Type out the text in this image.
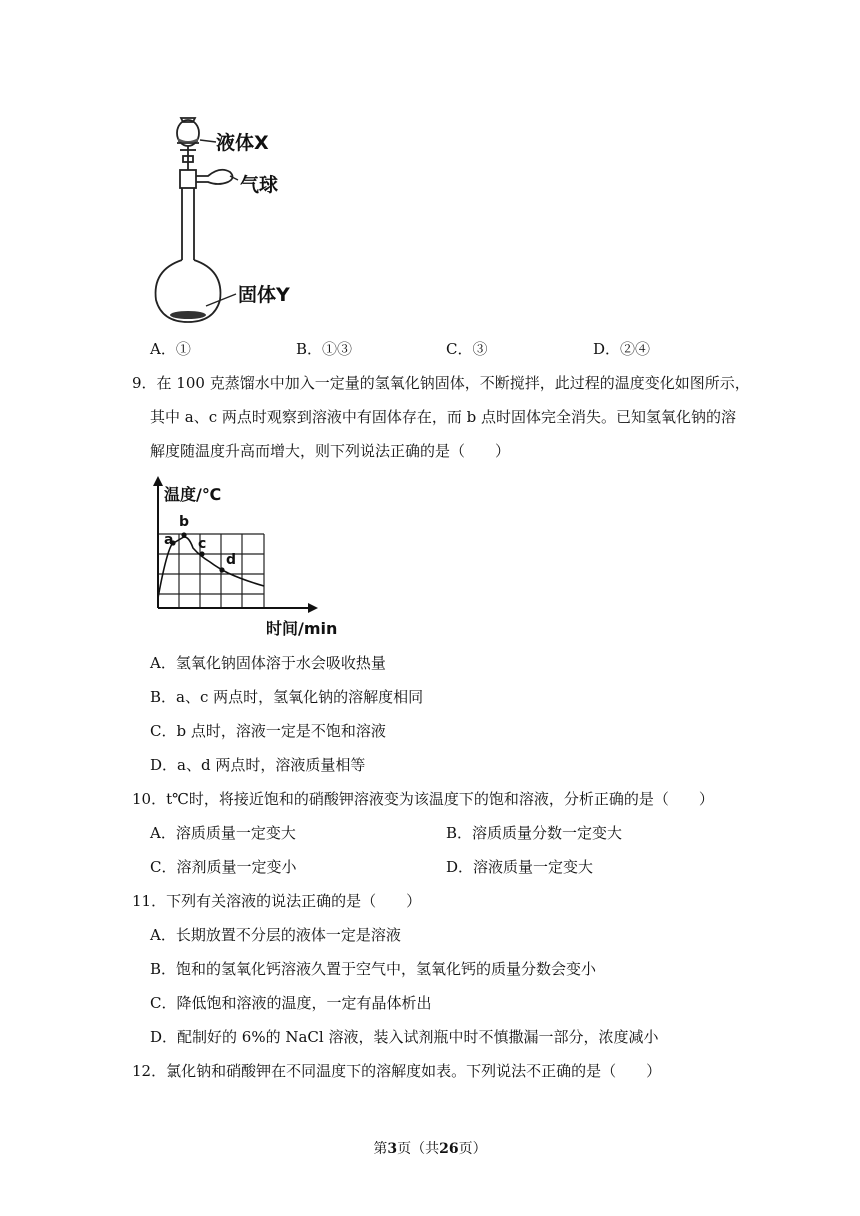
液体X
气球
固体Y
A．①	B．①③	C．③	D．②④
9．在 100 克蒸馏水中加入一定量的氢氧化钠固体，不断搅拌，此过程的温度变化如图所示，
其中 a、c 两点时观察到溶液中有固体存在，而 b 点时固体完全消失。已知氢氧化钠的溶
解度随温度升高而增大，则下列说法正确的是（　　）
温度/℃
时间/min
a
b
c
d
A．氢氧化钠固体溶于水会吸收热量
B．a、c 两点时，氢氧化钠的溶解度相同
C．b 点时，溶液一定是不饱和溶液
D．a、d 两点时，溶液质量相等
10．t℃时，将接近饱和的硝酸钾溶液变为该温度下的饱和溶液，分析正确的是（　　）
A．溶质质量一定变大	B．溶质质量分数一定变大
C．溶剂质量一定变小	D．溶液质量一定变大
11．下列有关溶液的说法正确的是（　　）
A．长期放置不分层的液体一定是溶液
B．饱和的氢氧化钙溶液久置于空气中，氢氧化钙的质量分数会变小
C．降低饱和溶液的温度，一定有晶体析出
D．配制好的 6%的 NaCl 溶液，装入试剂瓶中时不慎撒漏一部分，浓度减小
12．氯化钠和硝酸钾在不同温度下的溶解度如表。下列说法不正确的是（　　）
第3页（共26页）
